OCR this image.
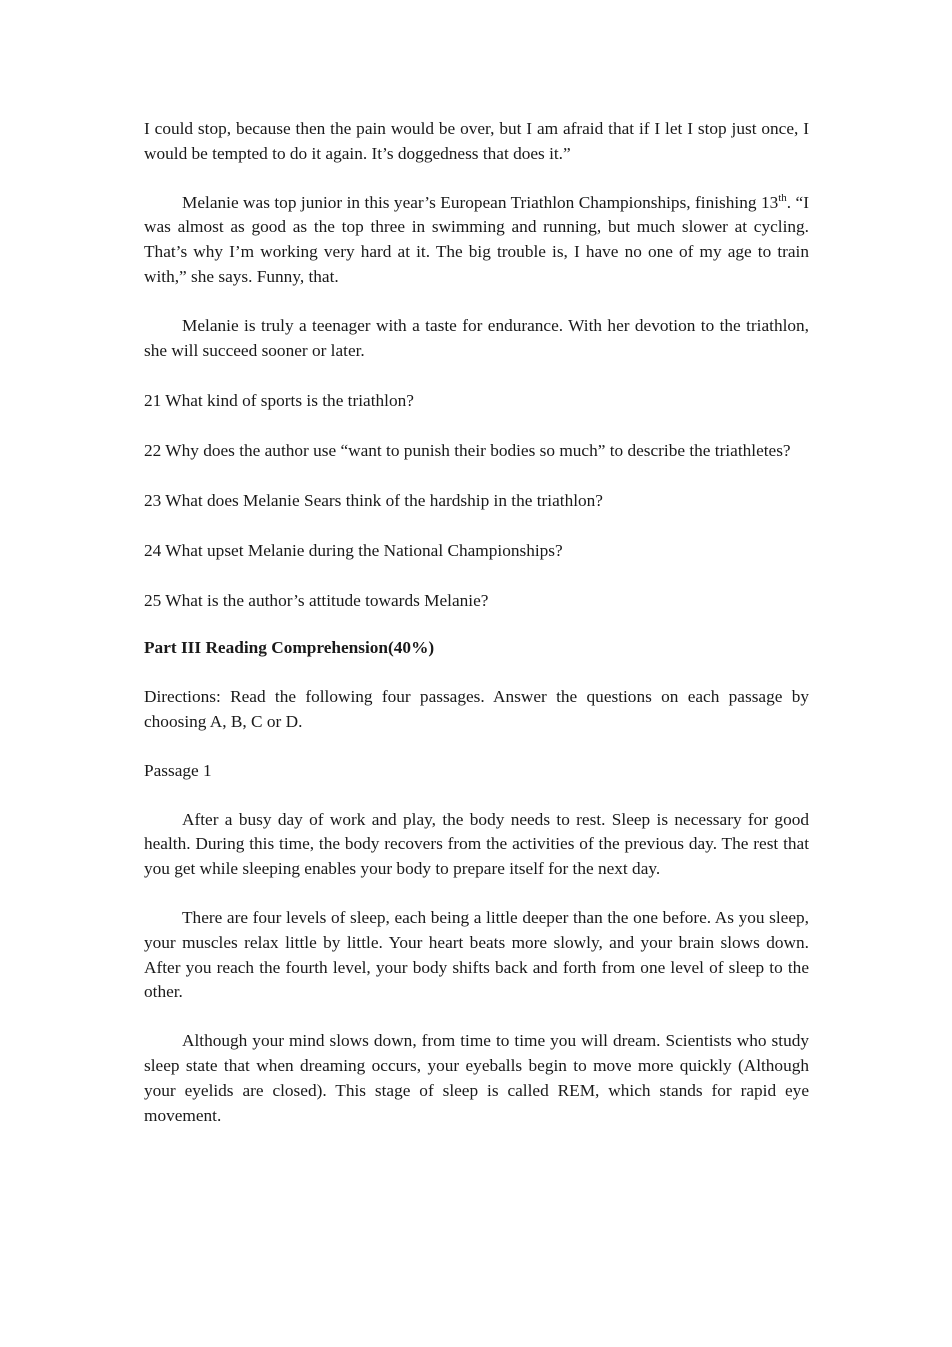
I could stop, because then the pain would be over, but I am afraid that if I let I stop just once, I would be tempted to do it again. It’s doggedness that does it.”

Melanie was top junior in this year’s European Triathlon Championships, finishing 13th. “I was almost as good as the top three in swimming and running, but much slower at cycling. That’s why I’m working very hard at it. The big trouble is, I have no one of my age to train with,” she says. Funny, that.

Melanie is truly a teenager with a taste for endurance. With her devotion to the triathlon, she will succeed sooner or later.

21 What kind of sports is the triathlon?

22 Why does the author use “want to punish their bodies so much” to describe the triathletes?

23 What does Melanie Sears think of the hardship in the triathlon?

24 What upset Melanie during the National Championships?

25 What is the author’s attitude towards Melanie?

Part III Reading Comprehension(40%)

Directions: Read the following four passages. Answer the questions on each passage by choosing A, B, C or D.

Passage 1

After a busy day of work and play, the body needs to rest. Sleep is necessary for good health. During this time, the body recovers from the activities of the previous day. The rest that you get while sleeping enables your body to prepare itself for the next day.

There are four levels of sleep, each being a little deeper than the one before. As you sleep, your muscles relax little by little. Your heart beats more slowly, and your brain slows down. After you reach the fourth level, your body shifts back and forth from one level of sleep to the other.

Although your mind slows down, from time to time you will dream. Scientists who study sleep state that when dreaming occurs, your eyeballs begin to move more quickly (Although your eyelids are closed). This stage of sleep is called REM, which stands for rapid eye movement.
